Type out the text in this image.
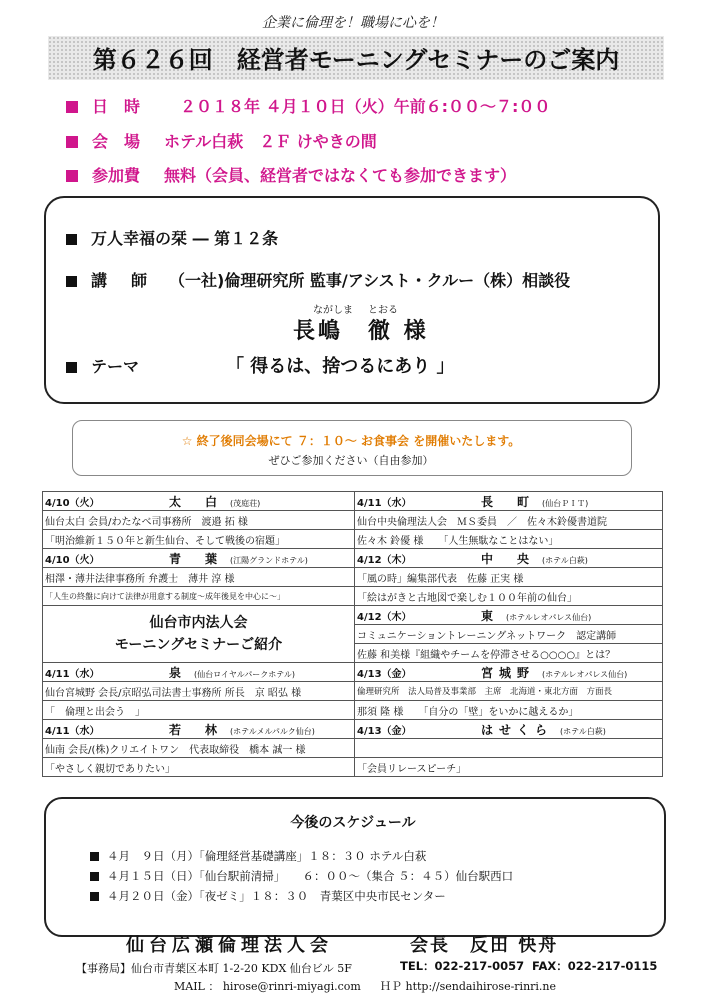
企業に倫理を！職場に心を！
第６２６回　経営者モーニングセミナーのご案内
日　時	２０１８年 ４月１０日（火）午前６:００～７:００
会　場 ホテル白萩　２Ｆ けやきの間
参加費 無料（会員、経営者ではなくても参加できます）
万人幸福の栞 ― 第１２条
講　師 （一社)倫理研究所 監事/アシスト・クルー（株）相談役
ながしま とおる
長嶋　徹 様
テーマ	「 得るは、捨つるにあり 」
☆ 終了後同会場にて ７：１０～ お食事会 を開催いたします。
ぜひご参加ください（自由参加）
4/10（火） 太　白 (茂庭荘)	4/11（水） 長　町 (仙台ＰＩＴ)
仙台太白 会員/わたなべ司事務所　渡邉 拓 様	仙台中央倫理法人会　ＭＳ委員　／　佐々木鈴優書道院
「明治維新１５０年と新生仙台、そして戦後の宿題」	佐々木 鈴優 様　　「人生無駄なことはない」
4/10（火） 青　葉 (江陽グランドホテル)	4/12（木） 中　央 (ホテル白萩)
相澤・薄井法律事務所 弁護士　薄井 淳 様	「風の時」編集部代表　佐藤 正実 様
「人生の終盤に向けて法律が用意する制度～成年後見を中心に～」	「絵はがきと古地図で楽しむ１００年前の仙台」
仙台市内法人会
モーニングセミナーご紹介	4/12（木） 東 (ホテルレオパレス仙台)
	コミュニケーショントレーニングネットワーク　認定講師
	佐藤 和美様『組織やチームを停滞させる○○○○』とは？
4/11（水） 泉 (仙台ロイヤルパークホテル)	4/13（金） 宮城野 (ホテルレオパレス仙台)
仙台宮城野 会長/京昭弘司法書士事務所 所長　京 昭弘 様	倫理研究所　法人局普及事業部　主席　北海道・東北方面　方面長
「　倫理と出会う　」	那須 隆 様　　「自分の「壁」をいかに越えるか」
4/11（水） 若　林 (ホテルメルパルク仙台)	4/13（金） はせくら (ホテル白萩)
仙南 会長/(株)クリエイトワン　代表取締役　橋本 誠一 様	
「やさしく親切でありたい」	「会員リレースピーチ」
今後のスケジュール
４月　９日（月）「倫理経営基礎講座」１８：３０ ホテル白萩
４月１５日（日）「仙台駅前清掃」　　６：００～（集合 ５：４５）仙台駅西口
４月２０日（金）「夜ゼミ」１８：３０　青葉区中央市民センター
仙台広瀬倫理法人会	会長　反田 快舟
【事務局】仙台市青葉区本町 1-2-20 KDX 仙台ビル 5F	TEL：022-217-0057 FAX：022-217-0115
MAIL ： hirose@rinri-miyagi.com ＨＰ http://sendaihirose-rinri.ne
